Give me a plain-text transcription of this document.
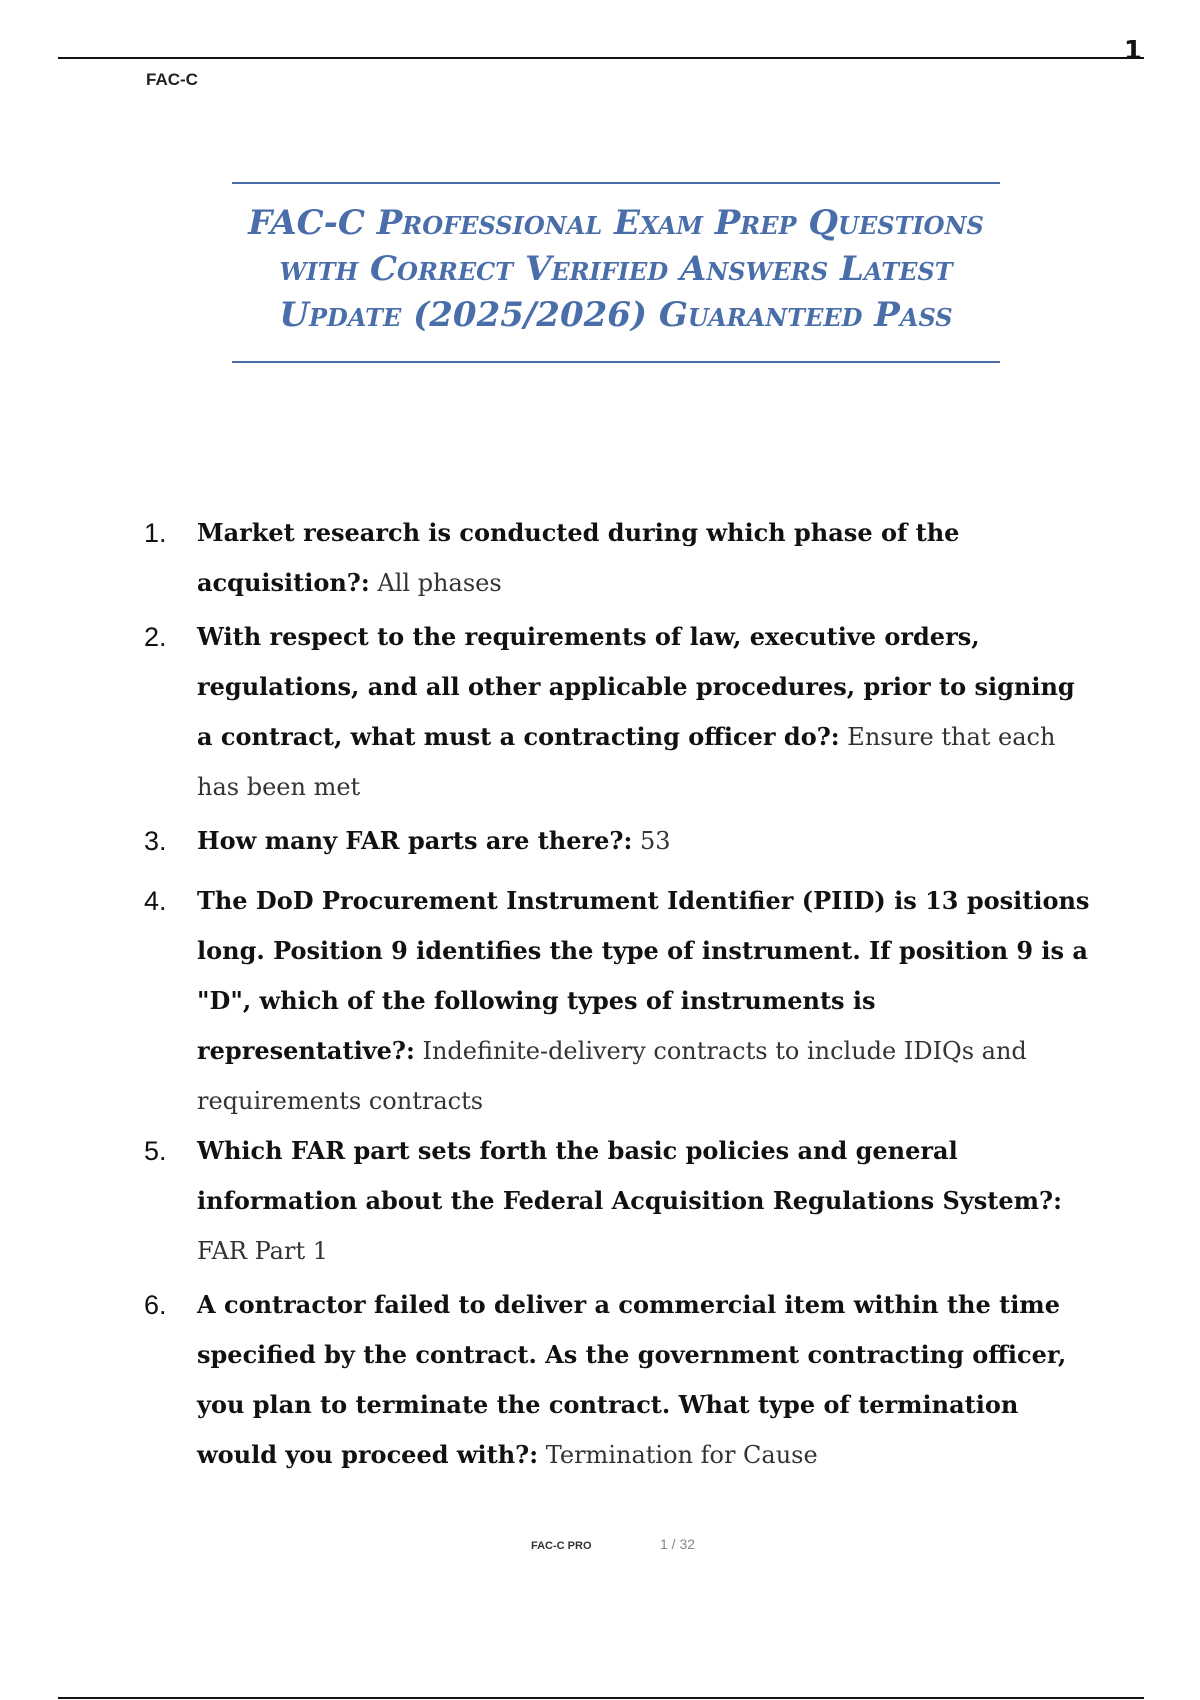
1
FAC-C
FAC-C Professional Exam Prep Questions with Correct Verified Answers Latest Update (2025/2026) Guaranteed Pass
1. Market research is conducted during which phase of the acquisition?: All phases
2. With respect to the requirements of law, executive orders, regulations, and all other applicable procedures, prior to signing a contract, what must a contracting officer do?: Ensure that each has been met
3. How many FAR parts are there?: 53
4. The DoD Procurement Instrument Identifier (PIID) is 13 positions long. Position 9 identifies the type of instrument. If position 9 is a "D", which of the following types of instruments is representative?: Indefinite-delivery contracts to include IDIQs and requirements contracts
5. Which FAR part sets forth the basic policies and general information about the Federal Acquisition Regulations System?: FAR Part 1
6. A contractor failed to deliver a commercial item within the time specified by the contract. As the government contracting officer, you plan to terminate the contract. What type of termination would you proceed with?: Termination for Cause
FAC-C PRO	1 / 32
